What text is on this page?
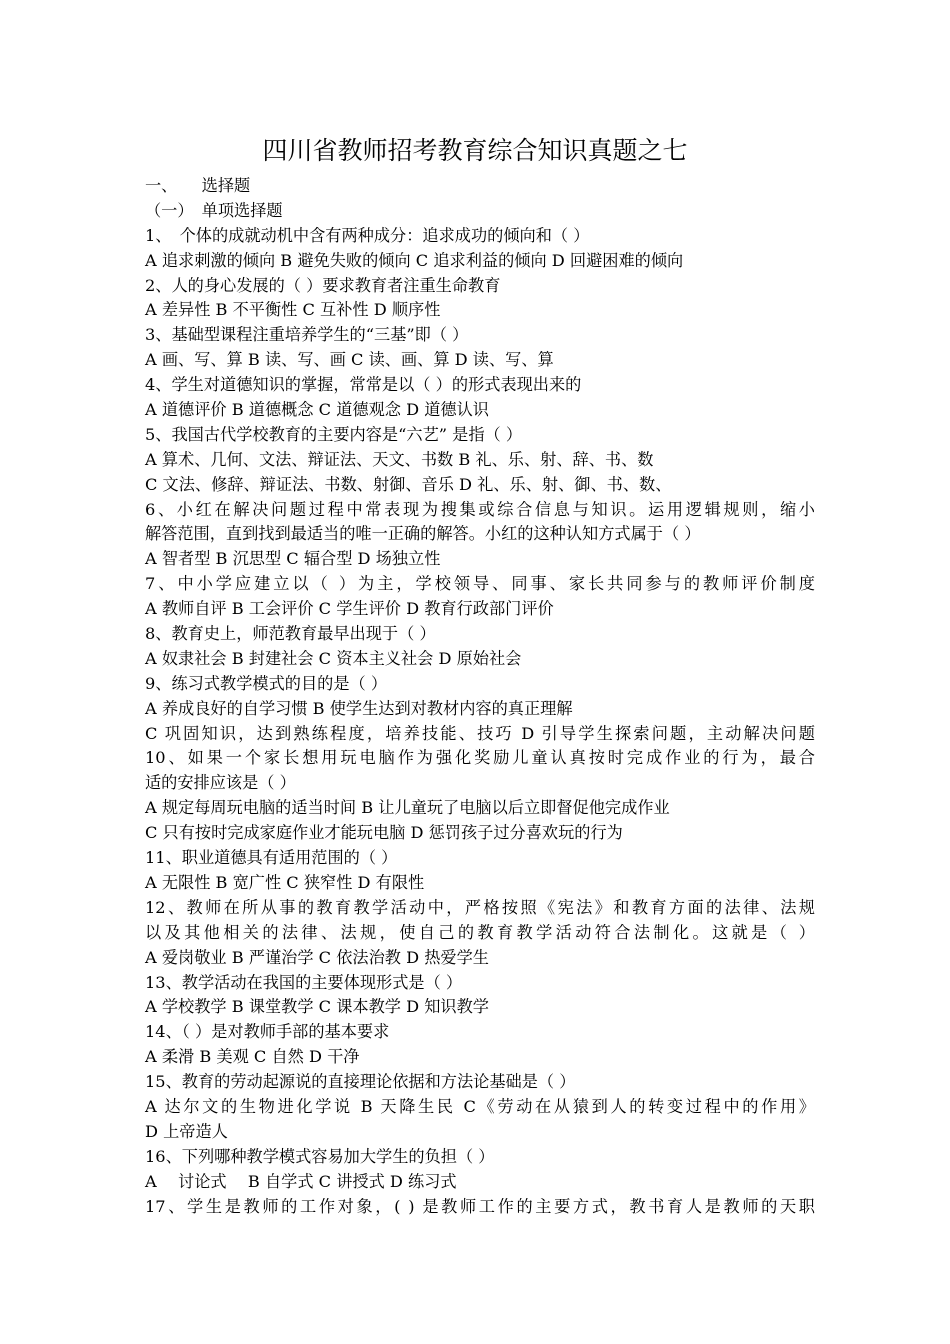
四川省教师招考教育综合知识真题之七
一、　　选择题
（一）　单项选择题
1、　个体的成就动机中含有两种成分：追求成功的倾向和（ ）
A 追求刺激的倾向 B 避免失败的倾向 C 追求利益的倾向 D 回避困难的倾向
2、人的身心发展的（ ）要求教育者注重生命教育
A 差异性 B 不平衡性 C 互补性 D 顺序性
3、基础型课程注重培养学生的“三基”即（ ）
A 画、写、算 B 读、写、画 C 读、画、算 D 读、写、算
4、学生对道德知识的掌握，常常是以（ ）的形式表现出来的
A 道德评价 B 道德概念 C 道德观念 D 道德认识
5、我国古代学校教育的主要内容是“六艺” 是指（ ）
A 算术、几何、文法、辩证法、天文、书数 B 礼、乐、射、辞、书、数
C 文法、修辞、辩证法、书数、射御、音乐 D 礼、乐、射、御、书、数、
6、小红在解决问题过程中常表现为搜集或综合信息与知识。运用逻辑规则，缩小
解答范围，直到找到最适当的唯一正确的解答。小红的这种认知方式属于（ ）
A 智者型 B 沉思型 C 辐合型 D 场独立性
7、中小学应建立以（ ）为主，学校领导、同事、家长共同参与的教师评价制度
A 教师自评 B 工会评价 C 学生评价 D 教育行政部门评价
8、教育史上，师范教育最早出现于（ ）
A 奴隶社会 B 封建社会 C 资本主义社会 D 原始社会
9、练习式教学模式的目的是（ ）
A 养成良好的自学习惯 B 使学生达到对教材内容的真正理解
C 巩固知识，达到熟练程度，培养技能、技巧 D 引导学生探索问题，主动解决问题
10、如果一个家长想用玩电脑作为强化奖励儿童认真按时完成作业的行为，最合
适的安排应该是（ ）
A 规定每周玩电脑的适当时间 B 让儿童玩了电脑以后立即督促他完成作业
C 只有按时完成家庭作业才能玩电脑 D 惩罚孩子过分喜欢玩的行为
11、职业道德具有适用范围的（ ）
A 无限性 B 宽广性 C 狭窄性 D 有限性
12、教师在所从事的教育教学活动中，严格按照《宪法》和教育方面的法律、法规
以及其他相关的法律、法规，使自己的教育教学活动符合法制化。这就是（ ）
A 爱岗敬业 B 严谨治学 C 依法治教 D 热爱学生
13、教学活动在我国的主要体现形式是（ ）
A 学校教学 B 课堂教学 C 课本教学 D 知识教学
14、（ ）是对教师手部的基本要求
A 柔滑 B 美观 C 自然 D 干净
15、教育的劳动起源说的直接理论依据和方法论基础是（ ）
A 达尔文的生物进化学说 B 天降生民 C《劳动在从猿到人的转变过程中的作用》
D 上帝造人
16、下列哪种教学模式容易加大学生的负担（ ）
A　 讨论式　 B 自学式 C 讲授式 D 练习式
17、学生是教师的工作对象，( ) 是教师工作的主要方式，教书育人是教师的天职
